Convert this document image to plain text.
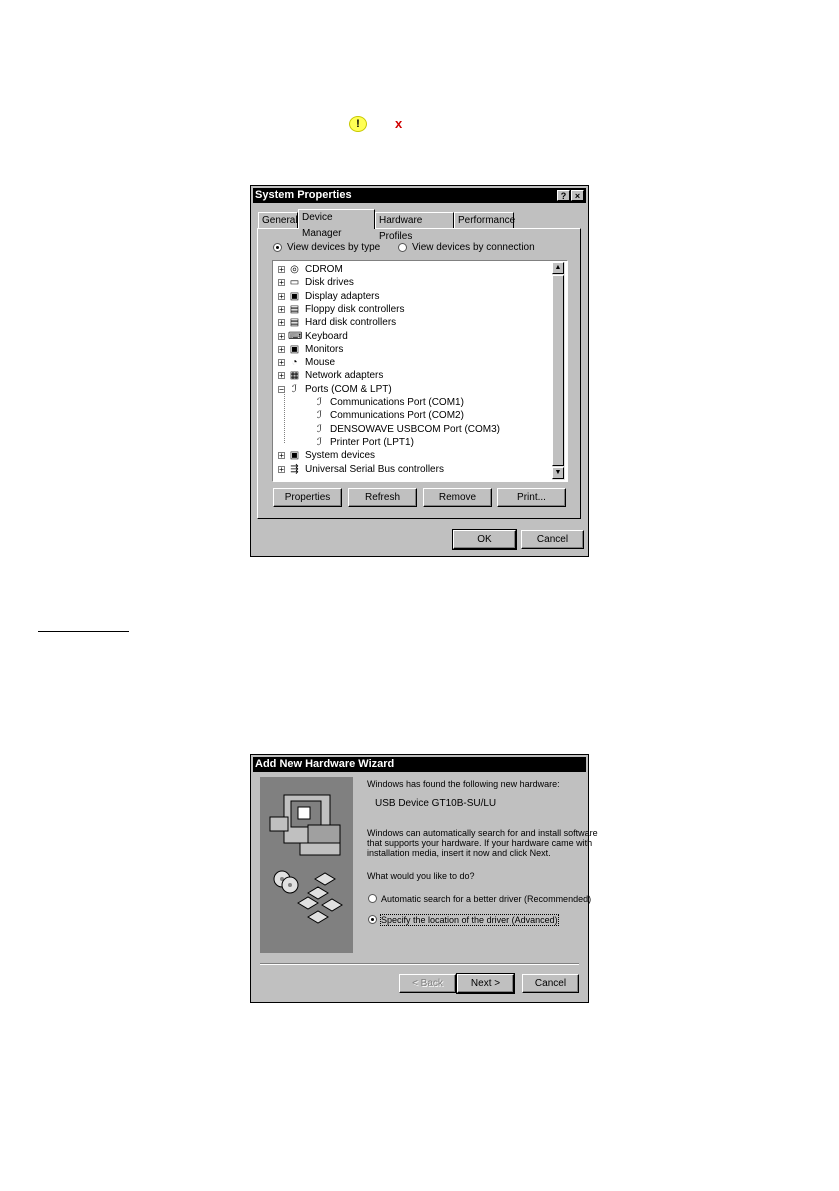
!	x
System Properties	? ×
General Device Manager
Hardware Profiles
Performance
View devices by type	View devices by connection
+ ◎ CDROM
+ ▭ Disk drives
+ ▣ Display adapters
+ ▤ Floppy disk controllers
+ ▤ Hard disk controllers
+ ⌨ Keyboard
+ ▣ Monitors
+ ◔ Mouse
+ ▦ Network adapters
− ℐ Ports (COM & LPT)
ℐ Communications Port (COM1)
ℐ Communications Port (COM2)
ℐ DENSOWAVE USBCOM Port (COM3)
ℐ Printer Port (LPT1)
+ ▣ System devices
+ ⇶ Universal Serial Bus controllers
▲
▼
Properties	Refresh	Remove	Print...
OK	Cancel
Add New Hardware Wizard
Windows has found the following new hardware:
USB Device GT10B-SU/LU
Windows can automatically search for and install software
that supports your hardware. If your hardware came with
installation media, insert it now and click Next.
What would you like to do?
Automatic search for a better driver (Recommended)
Specify the location of the driver (Advanced)
< Back	Next >	Cancel
